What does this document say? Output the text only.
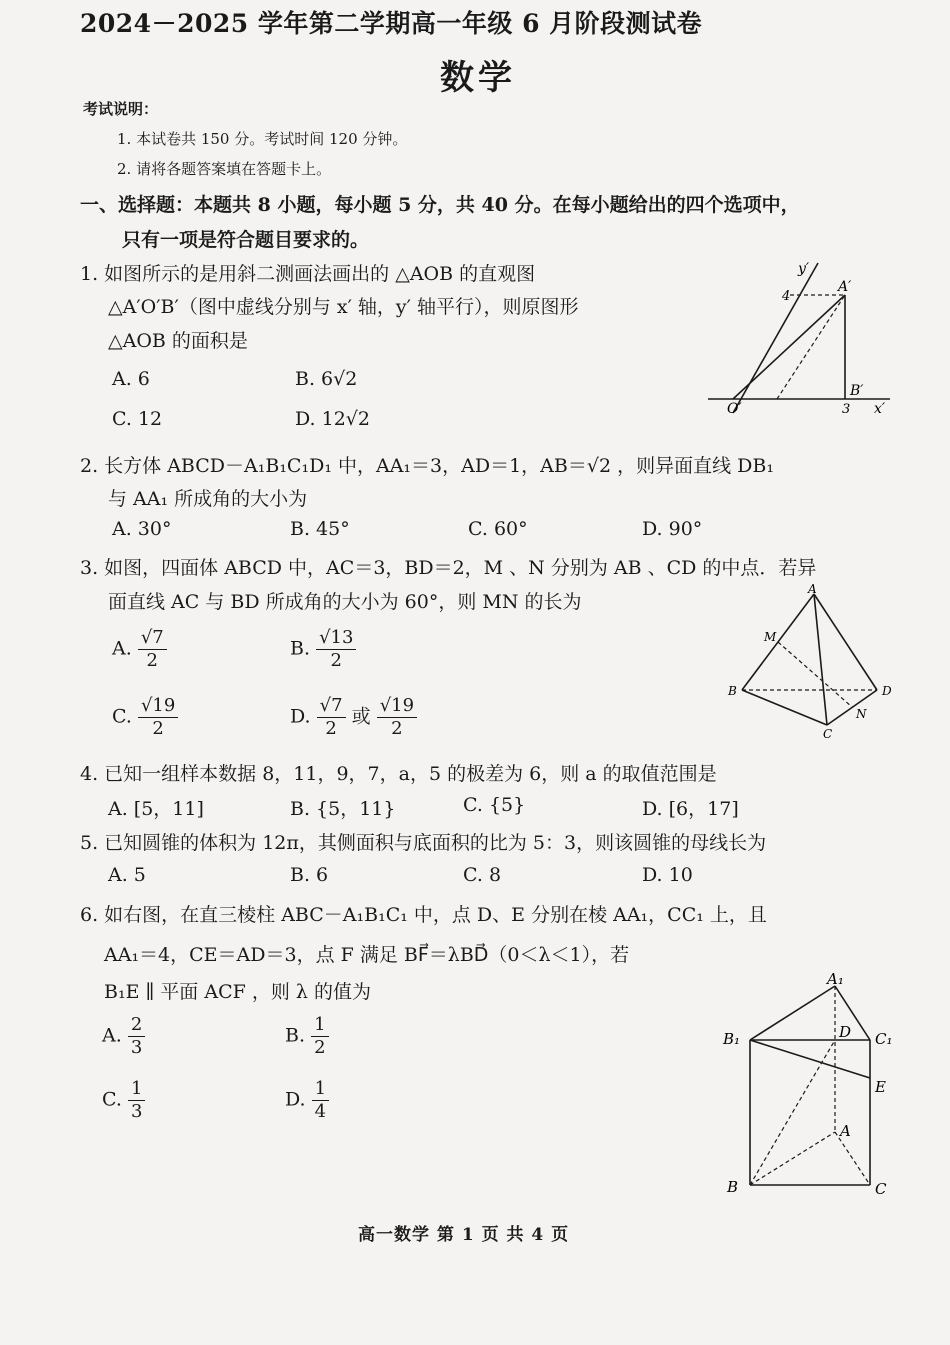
2024－2025 学年第二学期高一年级 6 月阶段测试卷
数学
考试说明：
1. 本试卷共 150 分。考试时间 120 分钟。
2. 请将各题答案填在答题卡上。
一、选择题：本题共 8 小题，每小题 5 分，共 40 分。在每小题给出的四个选项中，
只有一项是符合题目要求的。
1. 如图所示的是用斜二测画法画出的 △AOB 的直观图
△A′O′B′（图中虚线分别与 x′ 轴，y′ 轴平行），则原图形
△AOB 的面积是
A. 6	B. 6√2
C. 12	D. 12√2
y′
4
A′
B′
O′	3 x′
2. 长方体 ABCD－A₁B₁C₁D₁ 中，AA₁＝3，AD＝1，AB＝√2 ，则异面直线 DB₁
与 AA₁ 所成角的大小为
A. 30°	B. 45°	C. 60°	D. 90°
3. 如图，四面体 ABCD 中，AC＝3，BD＝2，M 、N 分别为 AB 、CD 的中点．若异
面直线 AC 与 BD 所成角的大小为 60°，则 MN 的长为
A. $\frac{√7}{2}$	B. $\frac{√13}{2}$
C. $\frac{√19}{2}$	D. $\frac{√7}{2}$ 或 $\frac{√19}{2}$
A
M
B	D
N
C
4. 已知一组样本数据 8，11，9，7，a，5 的极差为 6，则 a 的取值范围是
A. [5，11]	B. {5，11}	C. {5}	D. [6，17]
5. 已知圆锥的体积为 12π，其侧面积与底面积的比为 5：3，则该圆锥的母线长为
A. 5	B. 6	C. 8	D. 10
6. 如右图，在直三棱柱 ABC－A₁B₁C₁ 中，点 D、E 分别在棱 AA₁，CC₁ 上，且
AA₁＝4，CE＝AD＝3，点 F 满足 BF⃗＝λBD⃗（0＜λ＜1），若
B₁E ∥ 平面 ACF ，则 λ 的值为
A. $\frac{2}{3}$	B. $\frac{1}{2}$
C. $\frac{1}{3}$	D. $\frac{1}{4}$
A₁
B₁	D C₁
E
A
B	C
高一数学 第 1 页 共 4 页
